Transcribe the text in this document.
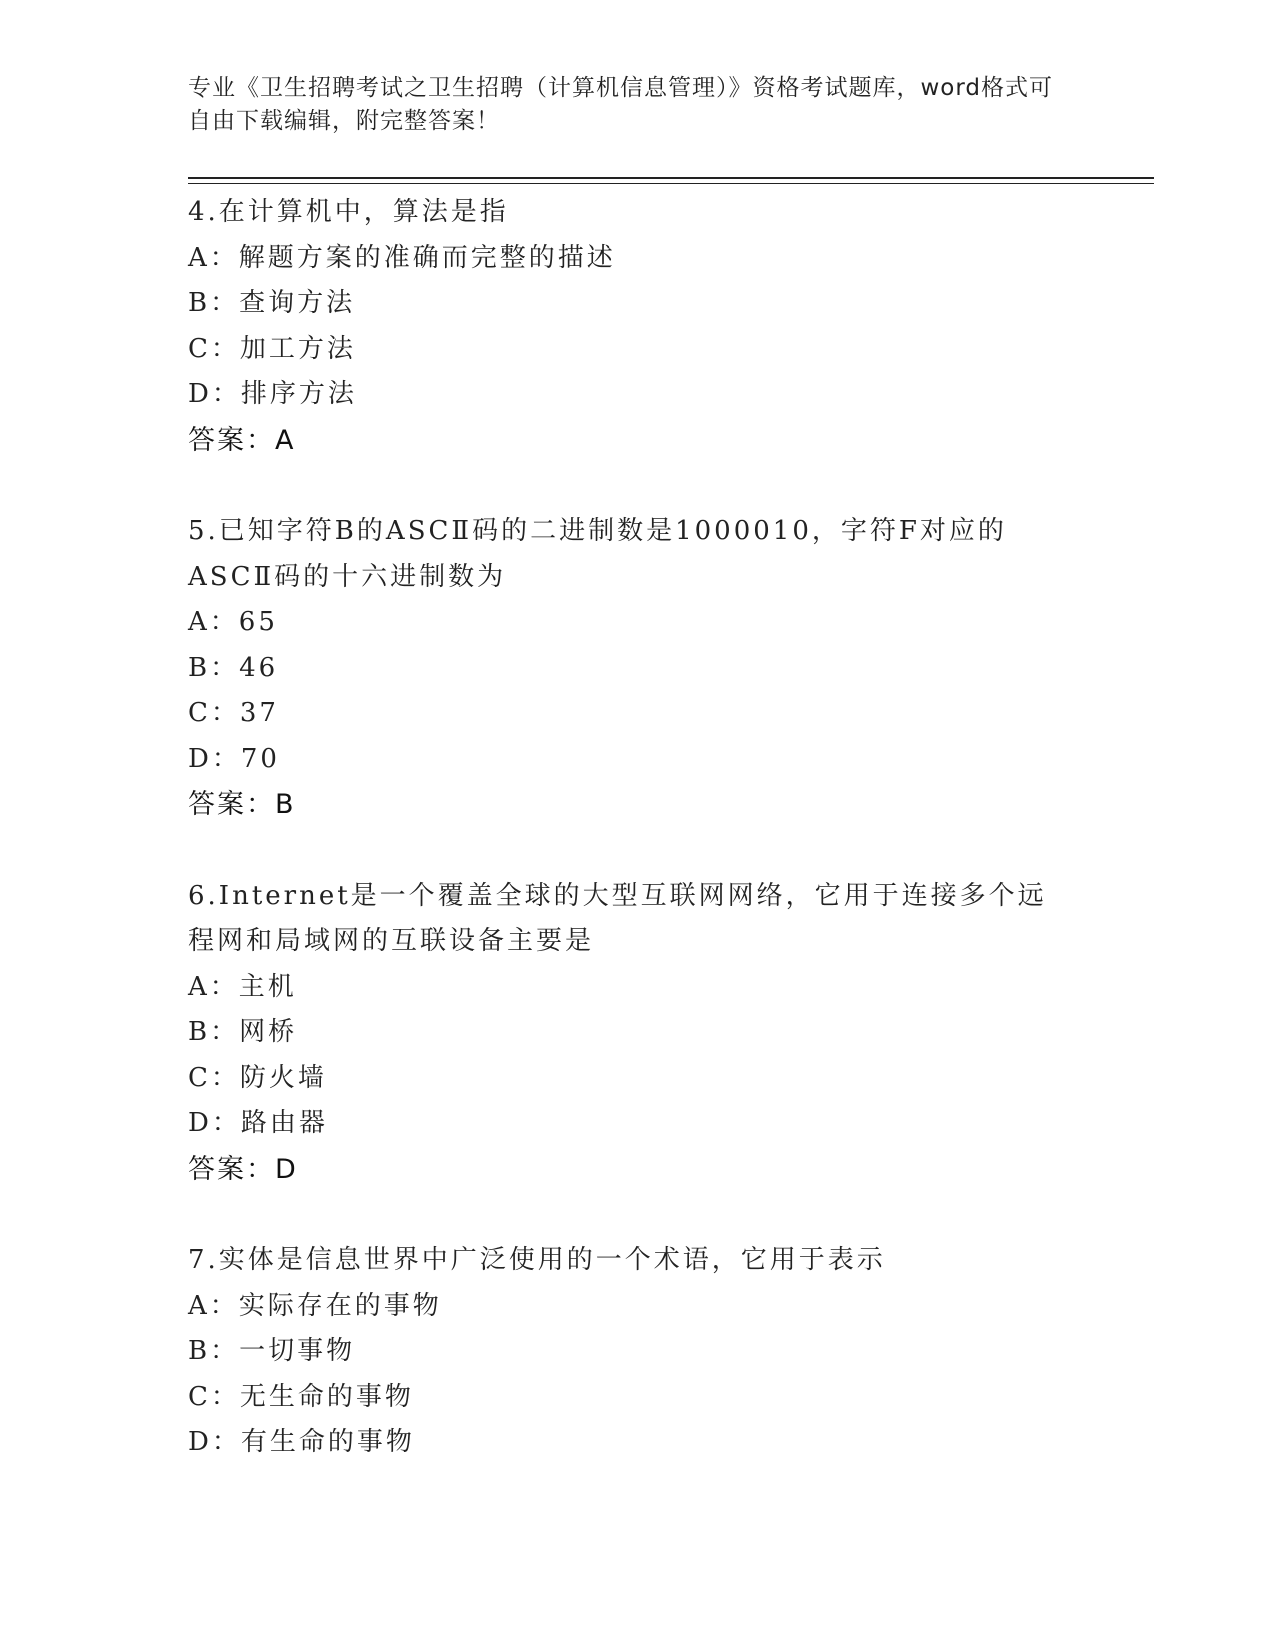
专业《卫生招聘考试之卫生招聘（计算机信息管理）》资格考试题库，word格式可自由下载编辑，附完整答案！
4.在计算机中，算法是指
A：解题方案的准确而完整的描述
B：查询方法
C：加工方法
D：排序方法
答案：A
5.已知字符B的ASCⅡ码的二进制数是1000010，字符F对应的ASCⅡ码的十六进制数为
A：65
B：46
C：37
D：70
答案：B
6.Internet是一个覆盖全球的大型互联网网络，它用于连接多个远程网和局域网的互联设备主要是
A：主机
B：网桥
C：防火墙
D：路由器
答案：D
7.实体是信息世界中广泛使用的一个术语，它用于表示
A：实际存在的事物
B：一切事物
C：无生命的事物
D：有生命的事物
